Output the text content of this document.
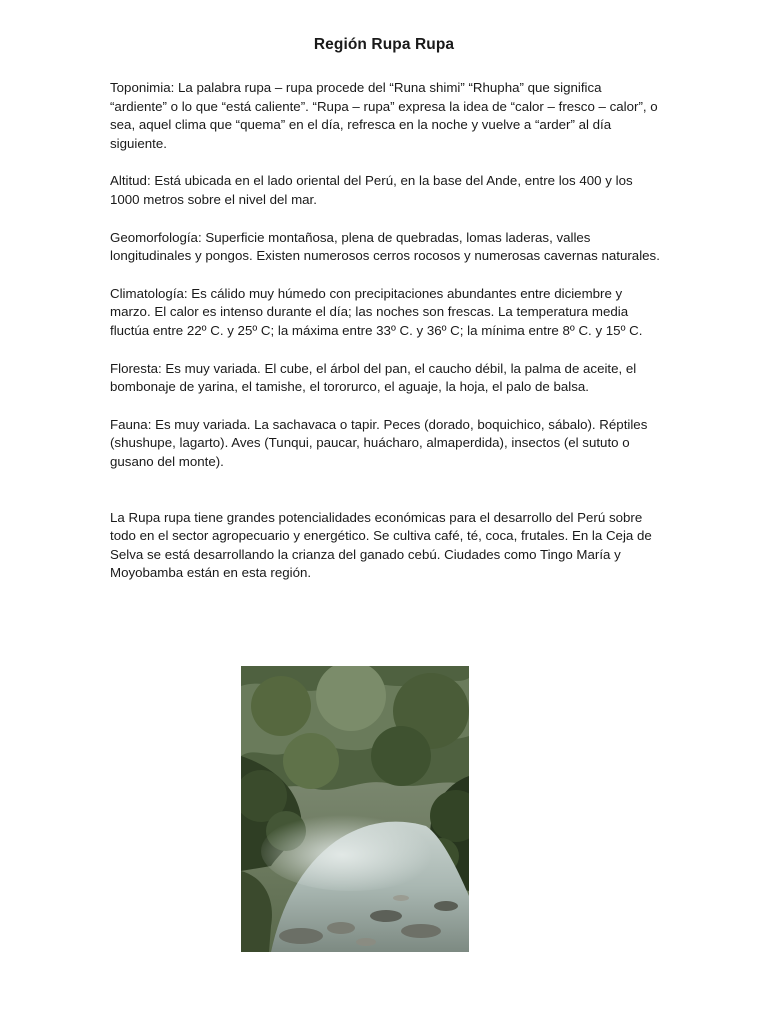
Región Rupa Rupa

Toponimia: La palabra rupa – rupa procede del “Runa shimi” “Rhupha” que significa “ardiente” o lo que “está caliente”. “Rupa – rupa” expresa la idea de “calor – fresco – calor”, o sea, aquel clima que “quema” en el día, refresca en la noche y vuelve a “arder” al día siguiente.

Altitud: Está ubicada en el lado oriental del Perú, en la base del Ande, entre los 400 y los 1000 metros sobre el nivel del mar.

Geomorfología: Superficie montañosa, plena de quebradas, lomas laderas, valles longitudinales y pongos. Existen numerosos cerros rocosos y numerosas cavernas naturales.

Climatología: Es cálido muy húmedo con precipitaciones abundantes entre diciembre y marzo. El calor es intenso durante el día; las noches son frescas. La temperatura media fluctúa entre 22º C. y 25º C; la máxima entre 33º C. y 36º C; la mínima entre 8º C. y 15º C.

Floresta: Es muy variada. El cube, el árbol del pan, el caucho débil, la palma de aceite, el bombonaje de yarina, el tamishe, el tororurco, el aguaje, la hoja, el palo de balsa.

Fauna: Es muy variada. La sachavaca o tapir. Peces (dorado, boquichico, sábalo). Réptiles (shushupe, lagarto). Aves (Tunqui, paucar, huácharo, almaperdida), insectos (el sututo o gusano del monte).

La Rupa rupa tiene grandes potencialidades económicas para el desarrollo del Perú sobre todo en el sector agropecuario y energético. Se cultiva café, té, coca, frutales. En la Ceja de Selva se está desarrollando la crianza del ganado cebú. Ciudades como Tingo María y Moyobamba están en esta región.
